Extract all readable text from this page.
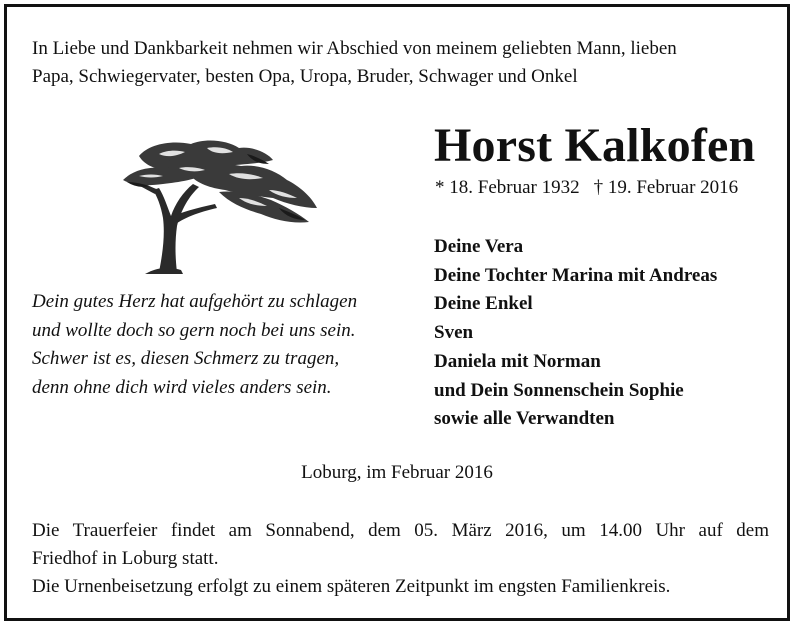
In Liebe und Dankbarkeit nehmen wir Abschied von meinem geliebten Mann, lieben
Papa, Schwiegervater, besten Opa, Uropa, Bruder, Schwager und Onkel
Horst Kalkofen
* 18. Februar 1932 † 19. Februar 2016
Deine Vera
Deine Tochter Marina mit Andreas
Deine Enkel
Sven
Daniela mit Norman
und Dein Sonnenschein Sophie
sowie alle Verwandten
Dein gutes Herz hat aufgehört zu schlagen
und wollte doch so gern noch bei uns sein.
Schwer ist es, diesen Schmerz zu tragen,
denn ohne dich wird vieles anders sein.
Loburg, im Februar 2016
Die Trauerfeier findet am Sonnabend, dem 05. März 2016, um 14.00 Uhr auf dem
Friedhof in Loburg statt.
Die Urnenbeisetzung erfolgt zu einem späteren Zeitpunkt im engsten Familienkreis.
